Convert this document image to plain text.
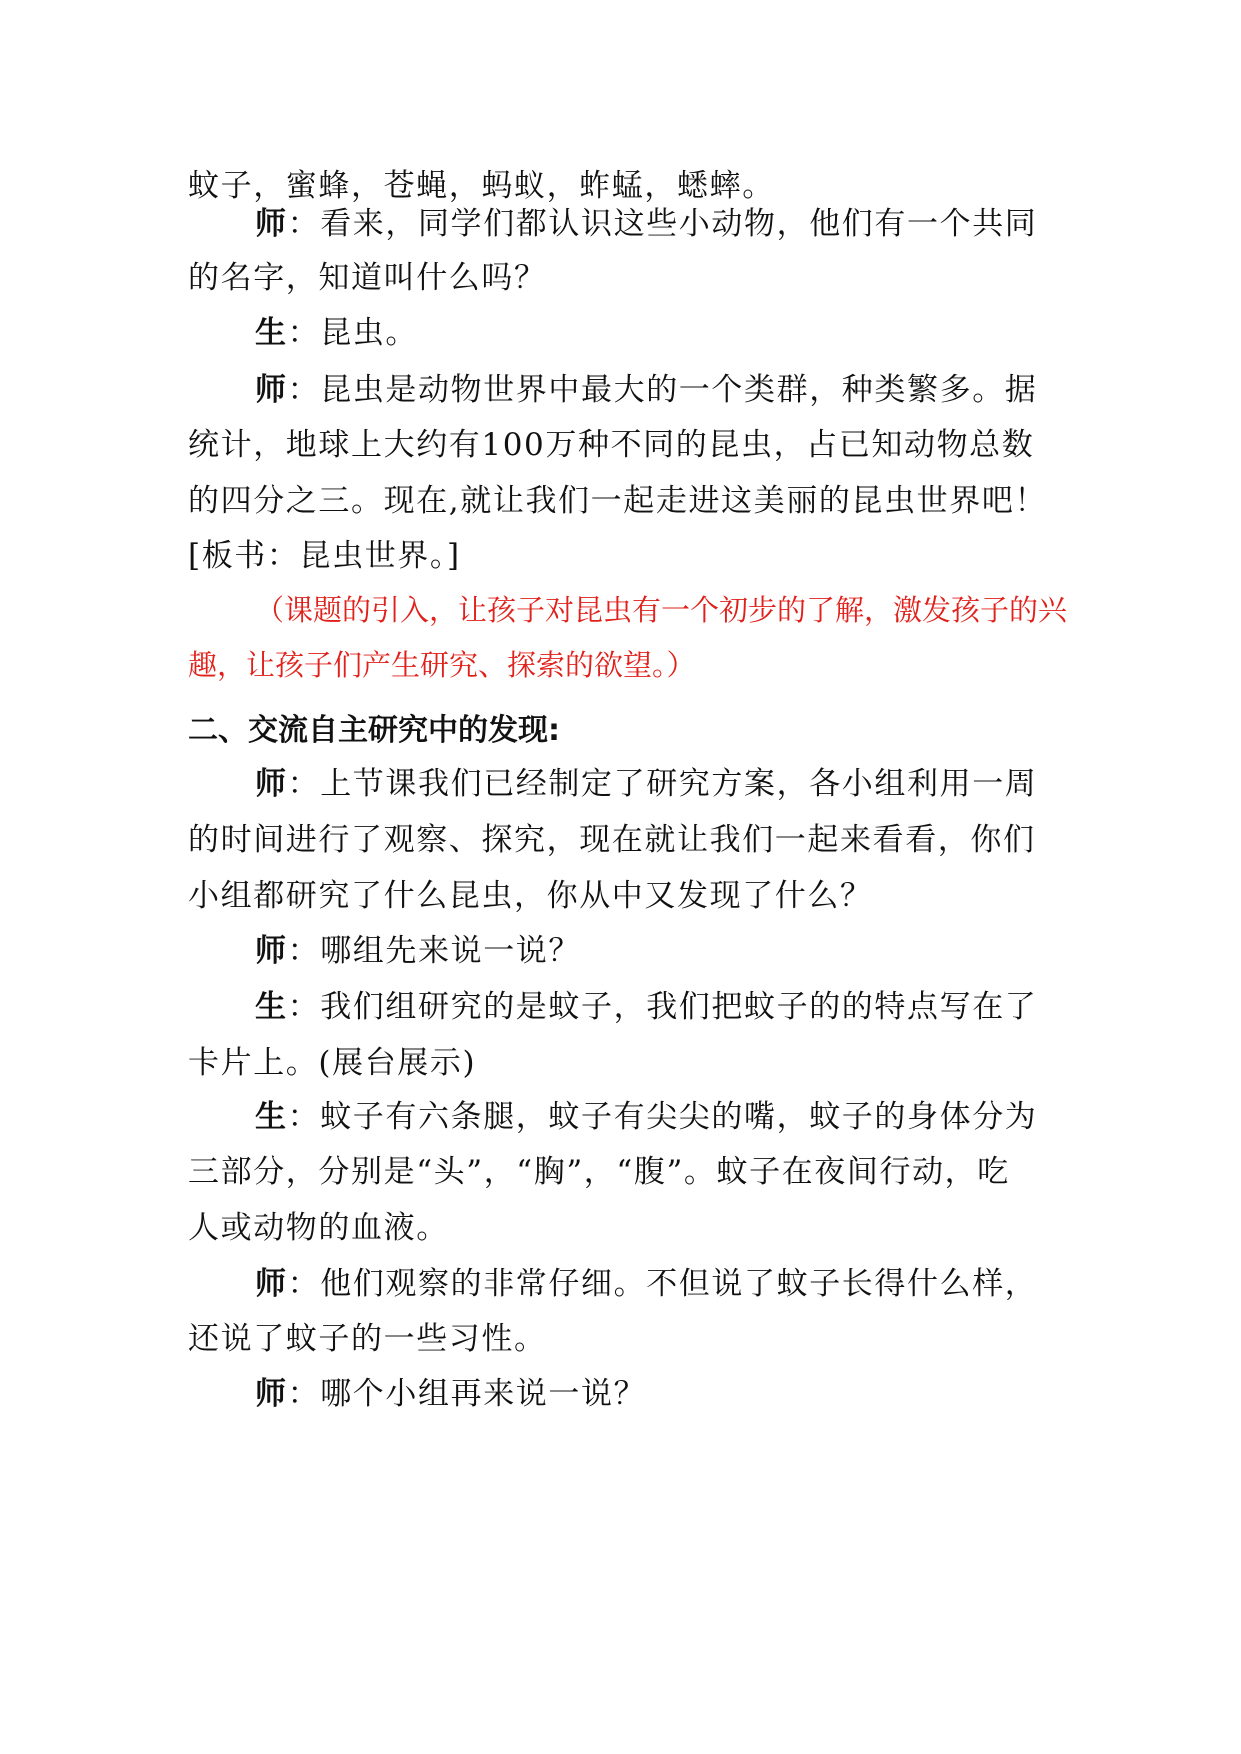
蚊子，蜜蜂，苍蝇，蚂蚁，蚱蜢，蟋蟀。
师：看来，同学们都认识这些小动物，他们有一个共同
的名字，知道叫什么吗？
生：昆虫。
师：昆虫是动物世界中最大的一个类群，种类繁多。据
统计，地球上大约有100万种不同的昆虫，占已知动物总数
的四分之三。现在,就让我们一起走进这美丽的昆虫世界吧！
[板书：昆虫世界。]
（课题的引入，让孩子对昆虫有一个初步的了解，激发孩子的兴
趣，让孩子们产生研究、探索的欲望。）
二、交流自主研究中的发现:
师：上节课我们已经制定了研究方案，各小组利用一周
的时间进行了观察、探究，现在就让我们一起来看看，你们
小组都研究了什么昆虫，你从中又发现了什么？
师：哪组先来说一说？
生：我们组研究的是蚊子，我们把蚊子的的特点写在了
卡片上。(展台展示)
生：蚊子有六条腿，蚊子有尖尖的嘴，蚊子的身体分为
三部分，分别是“头”，“胸”，“腹”。蚊子在夜间行动，吃
人或动物的血液。
师：他们观察的非常仔细。不但说了蚊子长得什么样，
还说了蚊子的一些习性。
师：哪个小组再来说一说？
